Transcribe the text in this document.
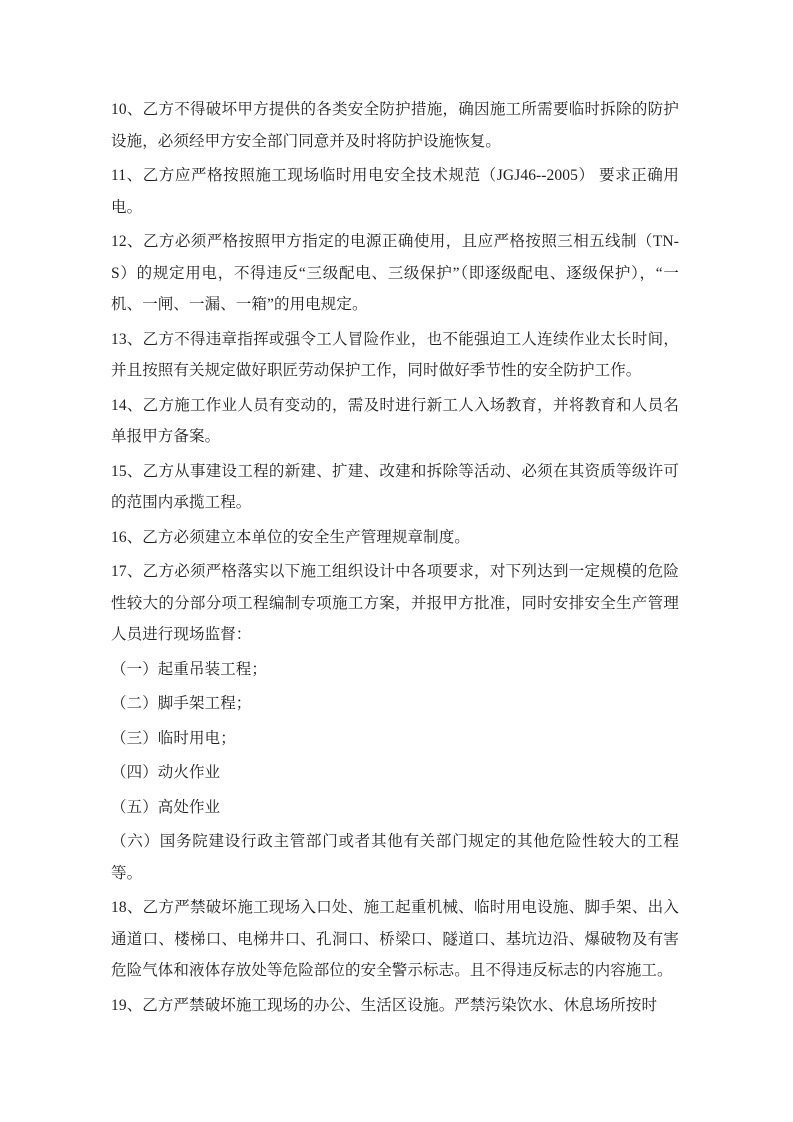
10、乙方不得破坏甲方提供的各类安全防护措施，确因施工所需要临时拆除的防护设施，必须经甲方安全部门同意并及时将防护设施恢复。

11、乙方应严格按照施工现场临时用电安全技术规范（JGJ46--2005） 要求正确用电。

12、乙方必须严格按照甲方指定的电源正确使用，且应严格按照三相五线制（TN-S）的规定用电，不得违反“三级配电、三级保护”（即逐级配电、逐级保护），“一机、一闸、一漏、一箱”的用电规定。

13、乙方不得违章指挥或强令工人冒险作业，也不能强迫工人连续作业太长时间，并且按照有关规定做好职匠劳动保护工作，同时做好季节性的安全防护工作。

14、乙方施工作业人员有变动的，需及时进行新工人入场教育，并将教育和人员名单报甲方备案。

15、乙方从事建设工程的新建、扩建、改建和拆除等活动、必须在其资质等级许可的范围内承揽工程。

16、乙方必须建立本单位的安全生产管理规章制度。

17、乙方必须严格落实以下施工组织设计中各项要求，对下列达到一定规模的危险性较大的分部分项工程编制专项施工方案，并报甲方批准，同时安排安全生产管理人员进行现场监督：

（一）起重吊装工程；

（二）脚手架工程；

（三）临时用电；

（四）动火作业

（五）高处作业

（六）国务院建设行政主管部门或者其他有关部门规定的其他危险性较大的工程等。

18、乙方严禁破坏施工现场入口处、施工起重机械、临时用电设施、脚手架、出入通道口、楼梯口、电梯井口、孔洞口、桥梁口、隧道口、基坑边沿、爆破物及有害危险气体和液体存放处等危险部位的安全警示标志。且不得违反标志的内容施工。

19、乙方严禁破坏施工现场的办公、生活区设施。严禁污染饮水、休息场所按时
